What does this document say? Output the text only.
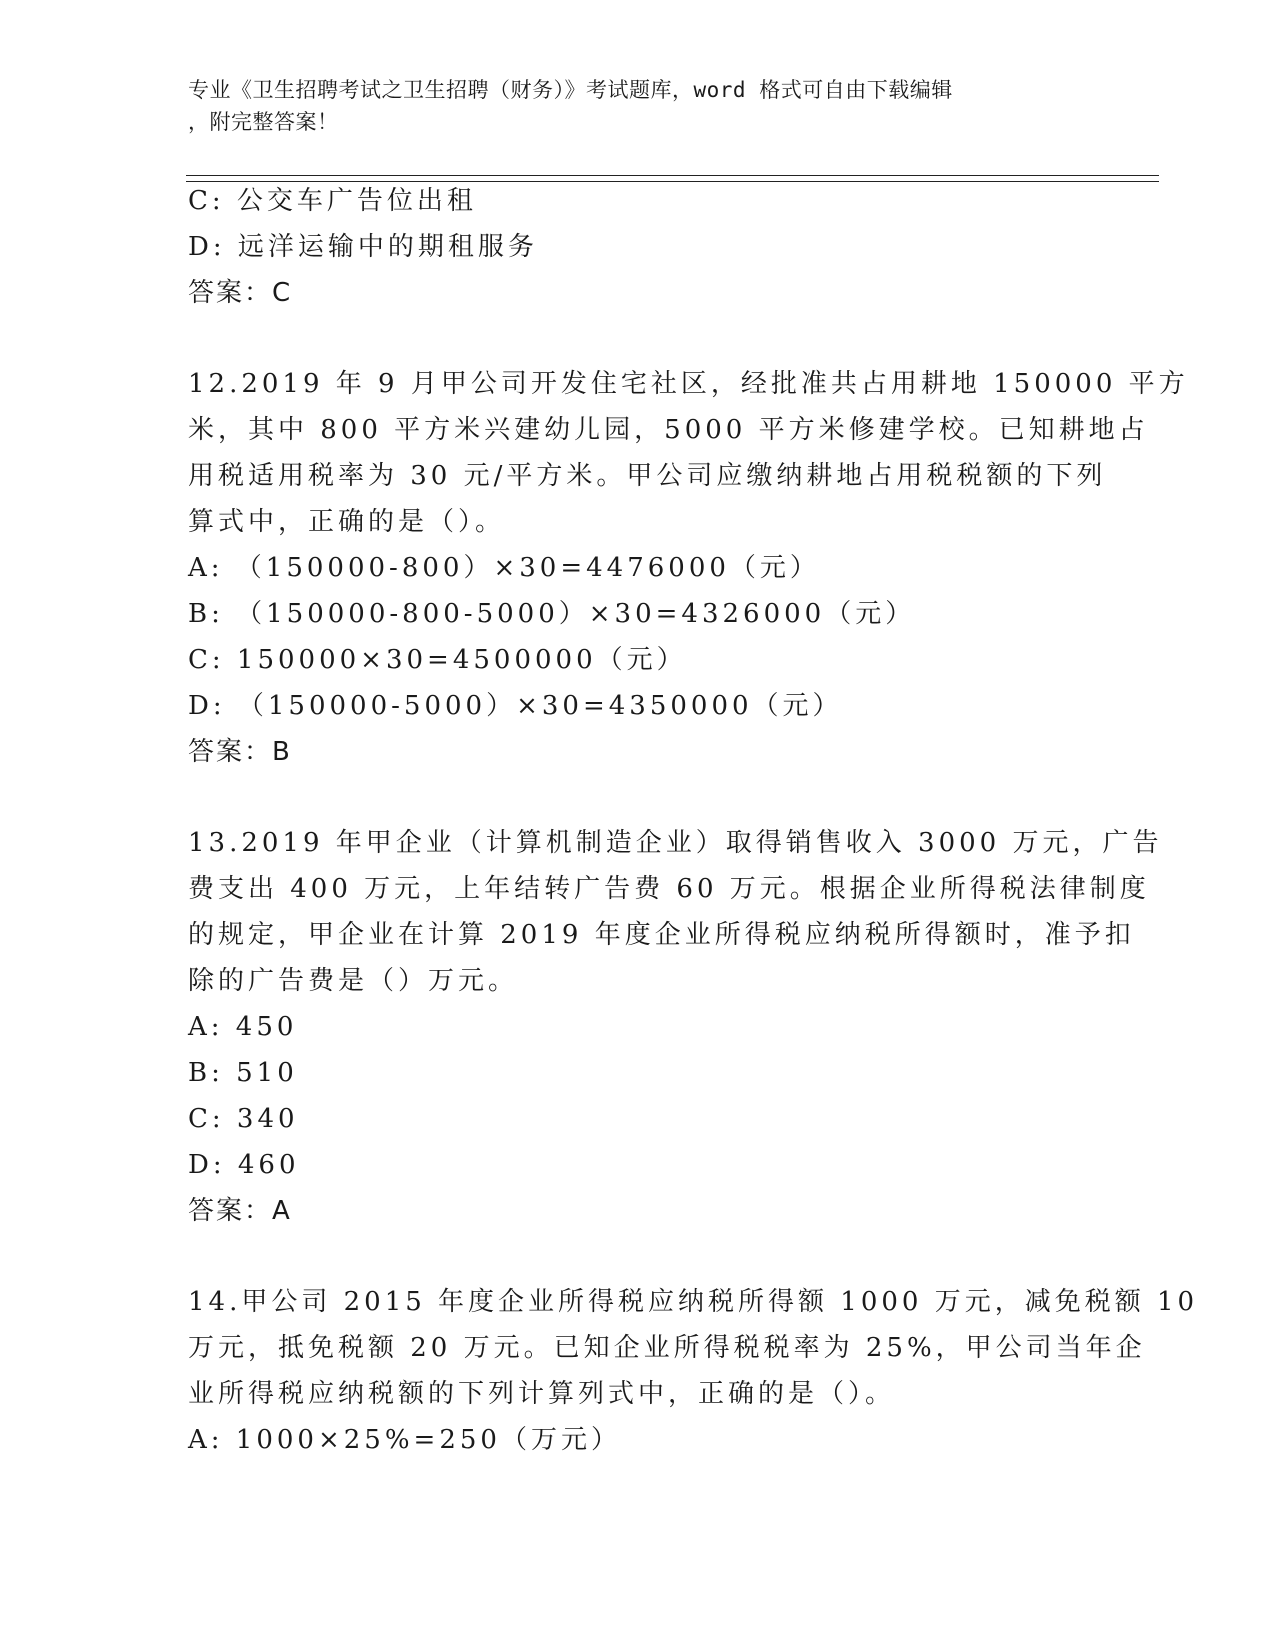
专业《卫生招聘考试之卫生招聘（财务）》考试题库，word 格式可自由下载编辑
，附完整答案！
C: 公交车广告位出租
D: 远洋运输中的期租服务
答案：C
12.2019 年 9 月甲公司开发住宅社区，经批准共占用耕地 150000 平方
米，其中 800 平方米兴建幼儿园，5000 平方米修建学校。已知耕地占
用税适用税率为 30 元/平方米。甲公司应缴纳耕地占用税税额的下列
算式中，正确的是（）。
A: （150000-800）×30=4476000（元）
B: （150000-800-5000）×30=4326000（元）
C: 150000×30=4500000（元）
D: （150000-5000）×30=4350000（元）
答案：B
13.2019 年甲企业（计算机制造企业）取得销售收入 3000 万元，广告
费支出 400 万元，上年结转广告费 60 万元。根据企业所得税法律制度
的规定，甲企业在计算 2019 年度企业所得税应纳税所得额时，准予扣
除的广告费是（）万元。
A: 450
B: 510
C: 340
D: 460
答案：A
14.甲公司 2015 年度企业所得税应纳税所得额 1000 万元，减免税额 10
万元，抵免税额 20 万元。已知企业所得税税率为 25%，甲公司当年企
业所得税应纳税额的下列计算列式中，正确的是（）。
A: 1000×25%=250（万元）
